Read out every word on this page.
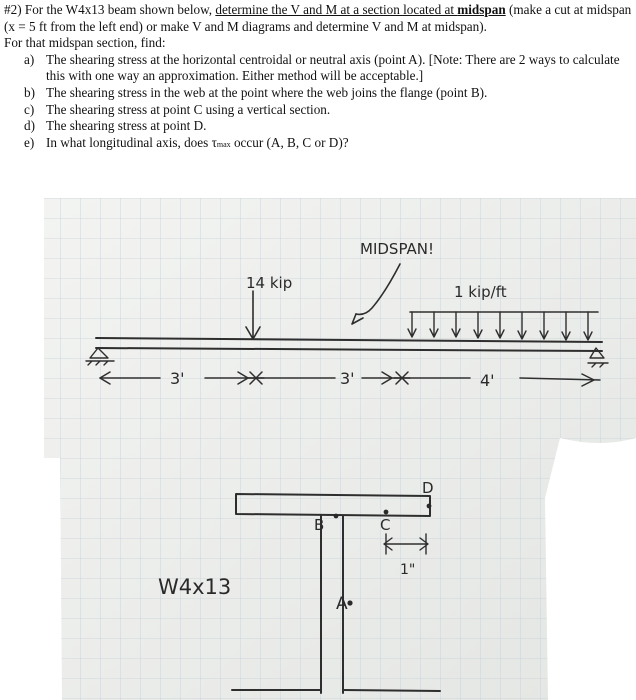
#2) For the W4x13 beam shown below, determine the V and M at a section located at midspan (make a cut at midspan (x = 5 ft from the left end) or make V and M diagrams and determine V and M at midspan).

For that midspan section, find:

a) The shearing stress at the horizontal centroidal or neutral axis (point A). [Note: There are 2 ways to calculate this with one way an approximation. Either method will be acceptable.]
b) The shearing stress in the web at the point where the web joins the flange (point B).
c) The shearing stress at point C using a vertical section.
d) The shearing stress at point D.
e) In what longitudinal axis, does τmax occur (A, B, C or D)?
MIDSPAN!
14 kip	1 kip/ft
3'	3'	4'
W4x13
A
B	C
D
1"
